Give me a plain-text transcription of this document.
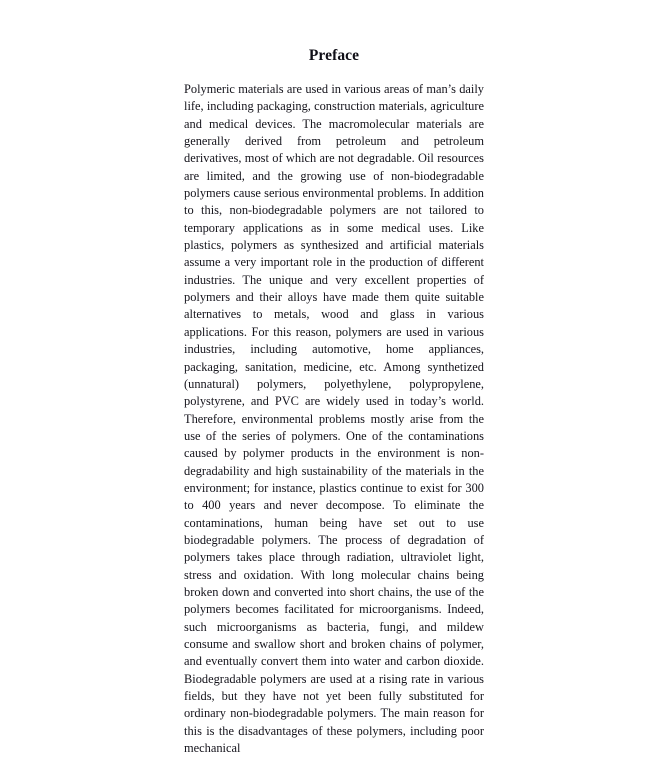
Preface

Polymeric materials are used in various areas of man’s daily life, including packaging, construction materials, agriculture and medical devices. The macromolecular materials are generally derived from petroleum and petroleum derivatives, most of which are not degradable. Oil resources are limited, and the growing use of non-biodegradable polymers cause serious environmental problems. In addition to this, non-biodegradable polymers are not tailored to temporary applications as in some medical uses. Like plastics, polymers as synthesized and artificial materials assume a very important role in the production of different industries. The unique and very excellent properties of polymers and their alloys have made them quite suitable alternatives to metals, wood and glass in various applications. For this reason, polymers are used in various industries, including automotive, home appliances, packaging, sanitation, medicine, etc. Among synthetized (unnatural) polymers, polyethylene, polypropylene, polystyrene, and PVC are widely used in today’s world. Therefore, environmental problems mostly arise from the use of the series of polymers. One of the contaminations caused by polymer products in the environment is non-degradability and high sustainability of the materials in the environment; for instance, plastics continue to exist for 300 to 400 years and never decompose. To eliminate the contaminations, human being have set out to use biodegradable polymers. The process of degradation of polymers takes place through radiation, ultraviolet light, stress and oxidation. With long molecular chains being broken down and converted into short chains, the use of the polymers becomes facilitated for microorganisms. Indeed, such microorganisms as bacteria, fungi, and mildew consume and swallow short and broken chains of polymer, and eventually convert them into water and carbon dioxide. Biodegradable polymers are used at a rising rate in various fields, but they have not yet been fully substituted for ordinary non-biodegradable polymers. The main reason for this is the disadvantages of these polymers, including poor mechanical
